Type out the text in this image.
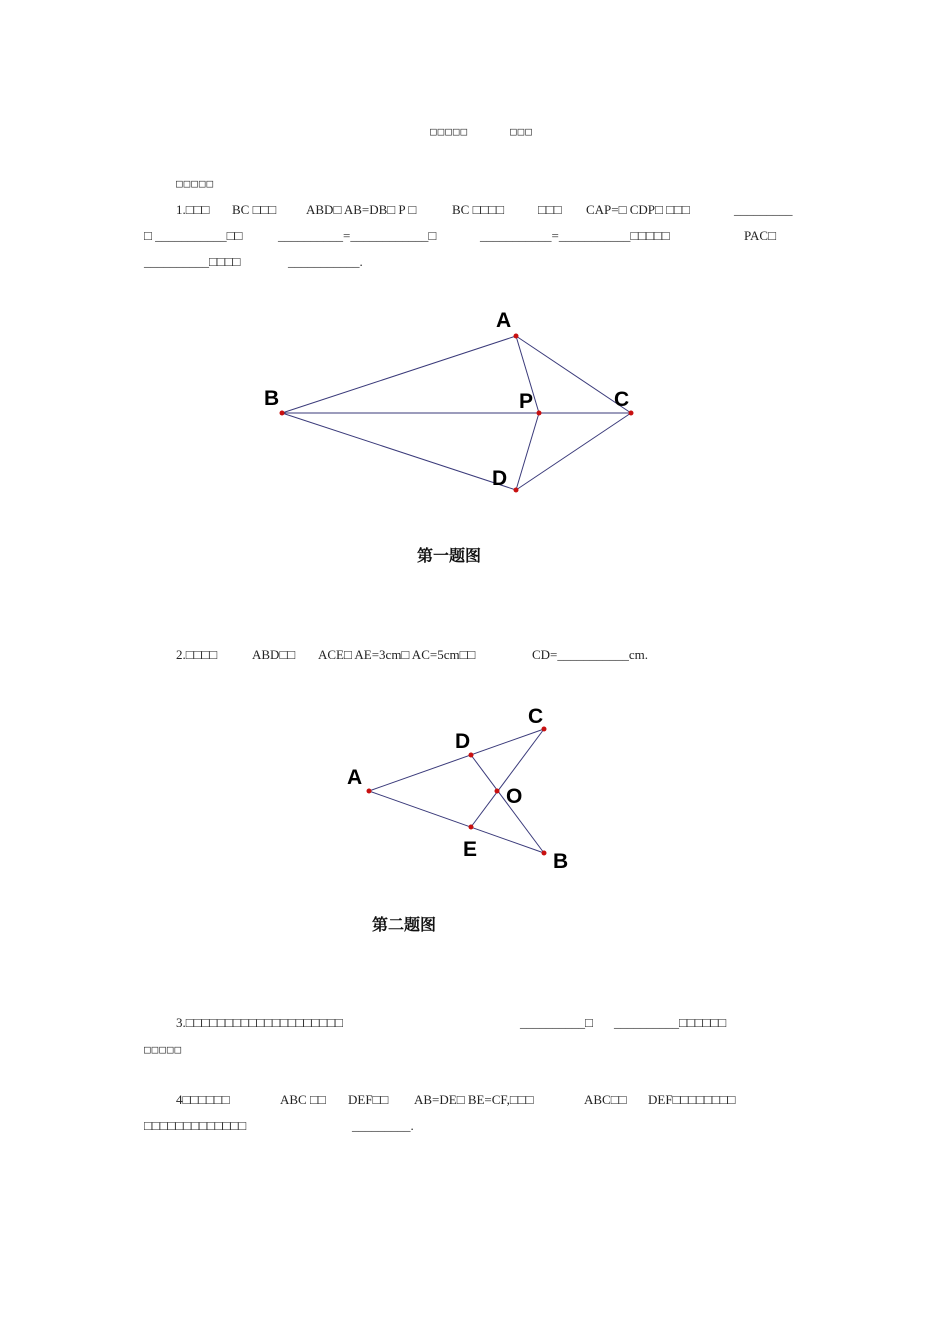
□□□□□	□□□
□□□□□
1.□□□ BC □□□ ABD□ AB=DB□ P □	BC □□□□	□□□ CAP=□ CDP□ □□□	_________
□ ___________□□	__________=____________□	___________=___________□□□□□	PAC□
__________□□□□	___________.
A
B	C
P
D
第一题图
2.□□□□	ABD□□ ACE□ AE=3cm□ AC=5cm□□	CD=___________cm.
A
D
C
O
E
B
第二题图
3.□□□□□□□□□□□□□□□□□□□□	__________□ __________□□□□□□
□□□□□
4□□□□□□	ABC □□ DEF□□ AB=DE□ BE=CF,□□□	ABC□□ DEF□□□□□□□□
□□□□□□□□□□□□□	_________.
